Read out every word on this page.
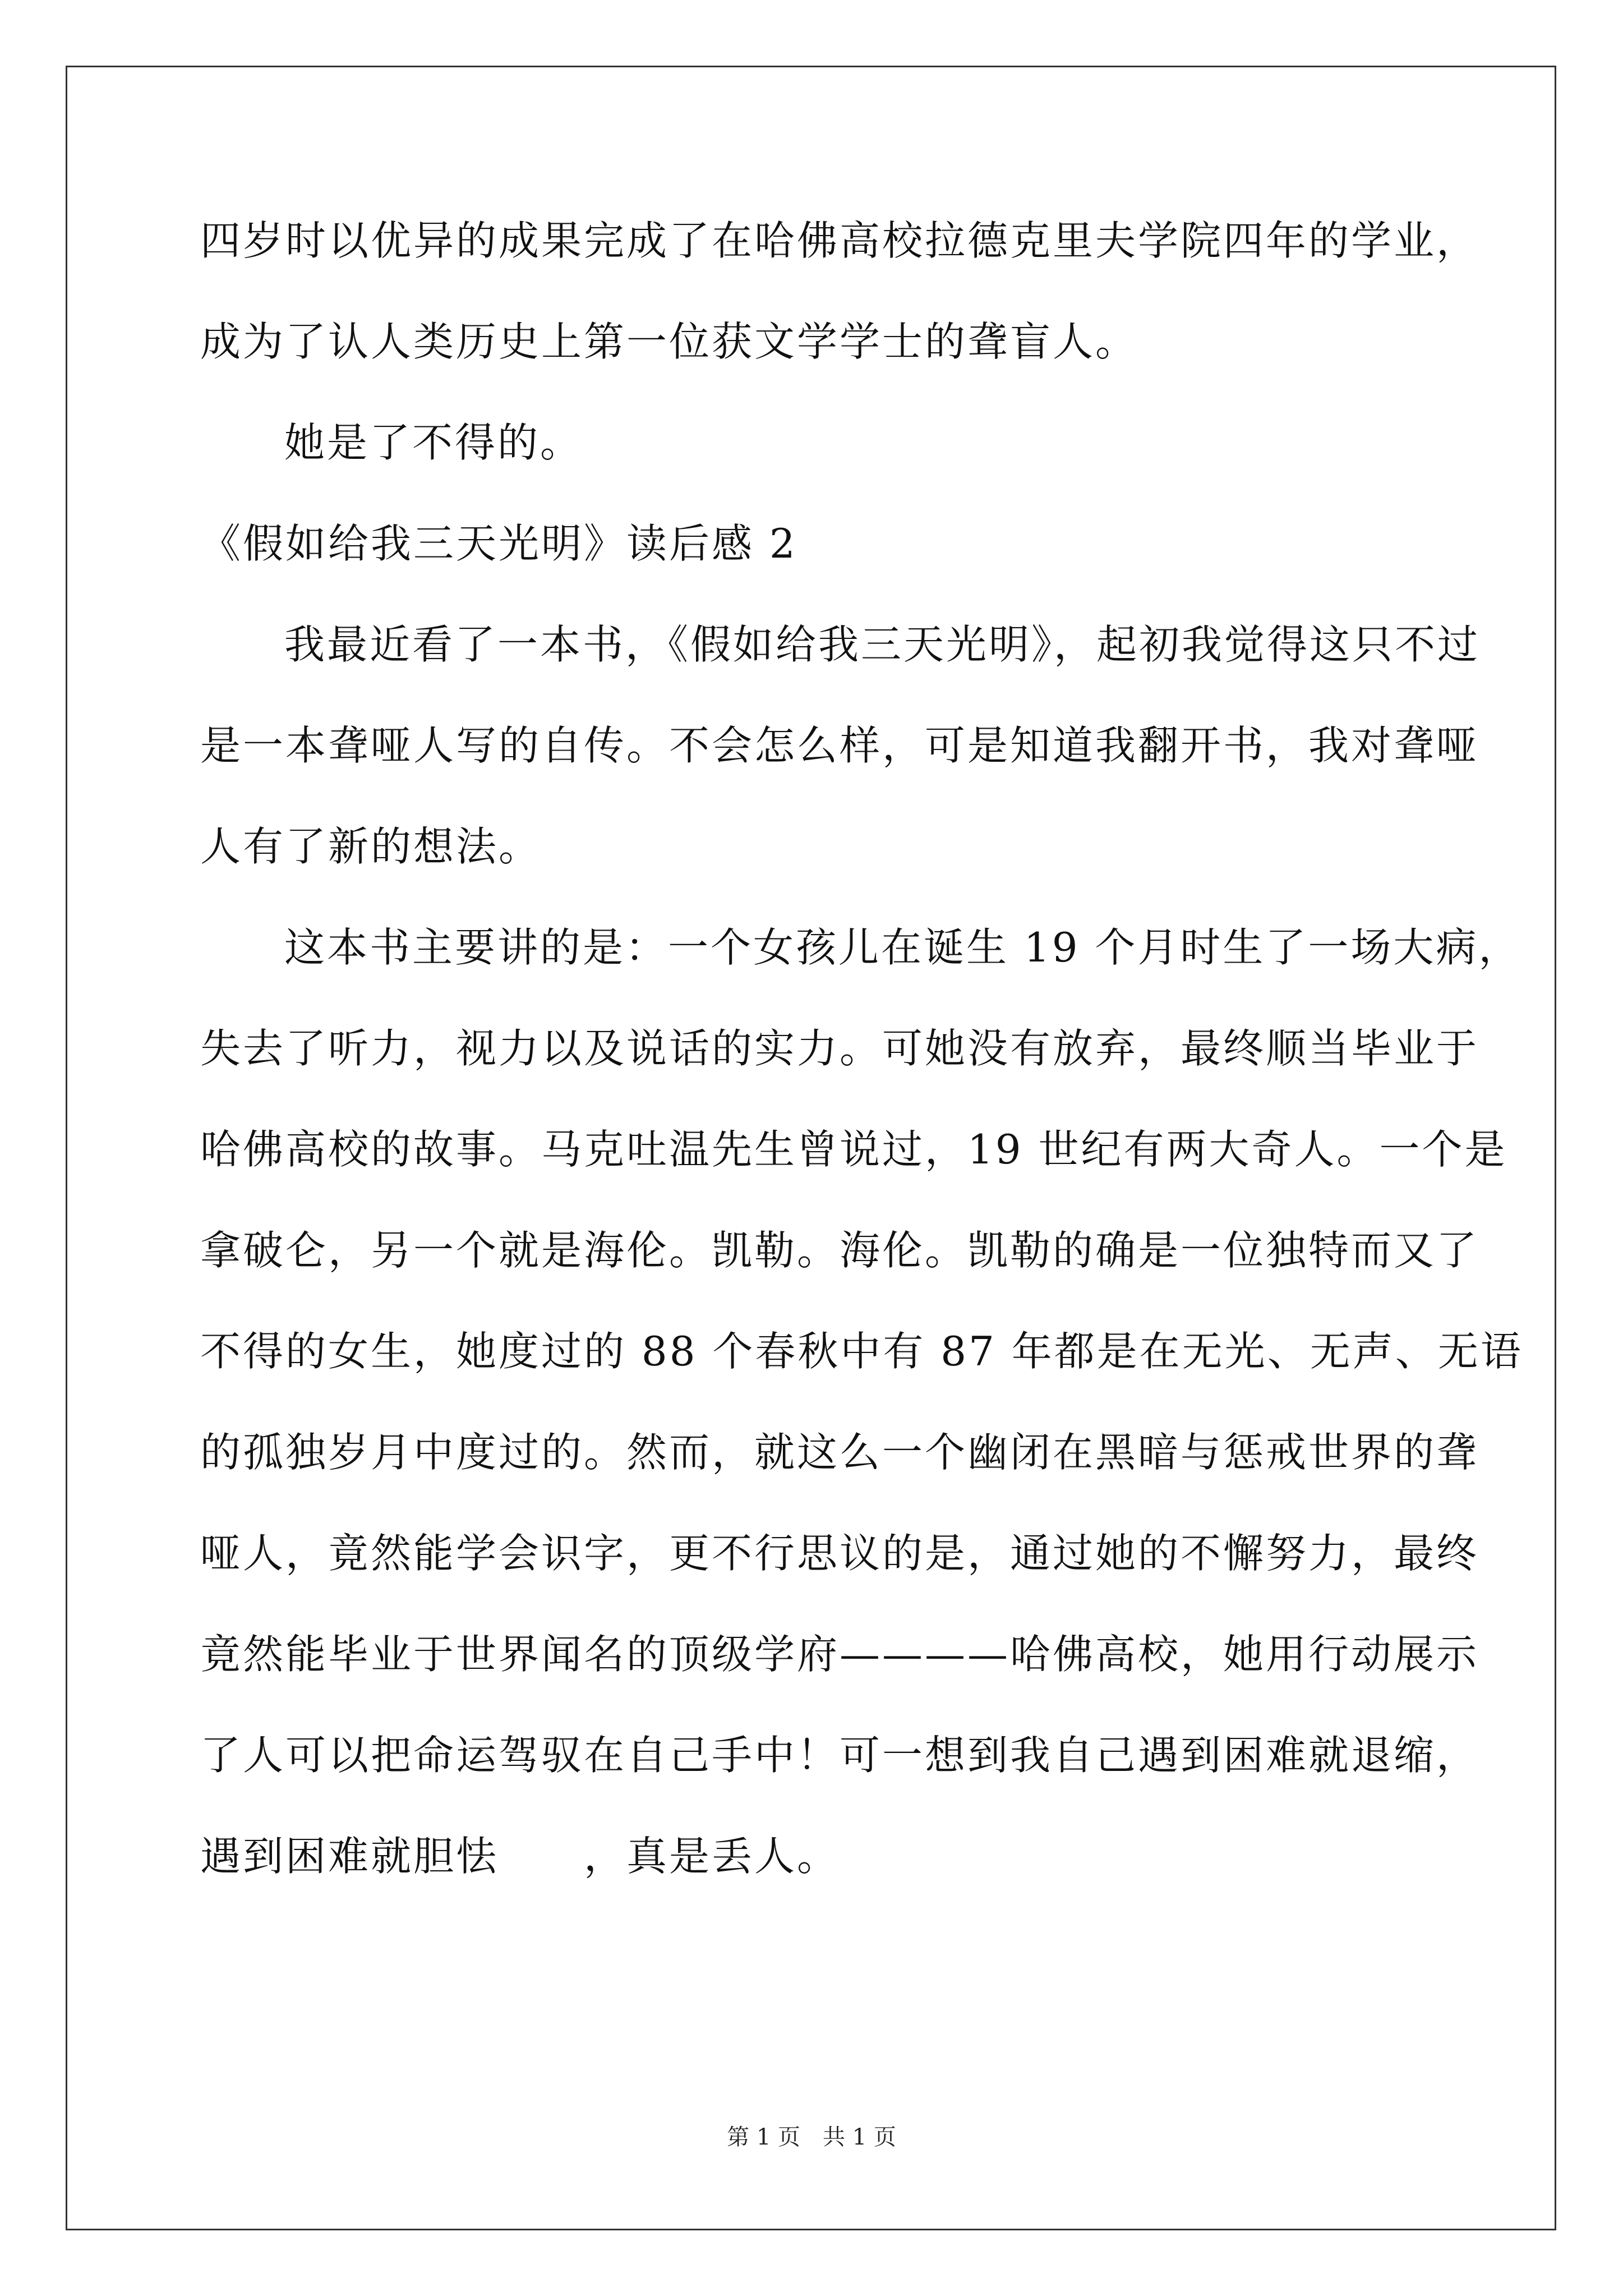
四岁时以优异的成果完成了在哈佛高校拉德克里夫学院四年的学业，
成为了认人类历史上第一位获文学学士的聋盲人。
她是了不得的。
《假如给我三天光明》读后感 2
我最近看了一本书，《假如给我三天光明》，起初我觉得这只不过
是一本聋哑人写的自传。不会怎么样，可是知道我翻开书，我对聋哑
人有了新的想法。
这本书主要讲的是：一个女孩儿在诞生 19 个月时生了一场大病，
失去了听力，视力以及说话的实力。可她没有放弃，最终顺当毕业于
哈佛高校的故事。马克吐温先生曾说过，19 世纪有两大奇人。一个是
拿破仑，另一个就是海伦。凯勒。海伦。凯勒的确是一位独特而又了
不得的女生，她度过的 88 个春秋中有 87 年都是在无光、无声、无语
的孤独岁月中度过的。然而，就这么一个幽闭在黑暗与惩戒世界的聋
哑人，竟然能学会识字，更不行思议的是，通过她的不懈努力，最终
竟然能毕业于世界闻名的顶级学府————哈佛高校，她用行动展示
了人可以把命运驾驭在自己手中！可一想到我自己遇到困难就退缩，
遇到困难就胆怯　　，真是丢人。
第 1 页　共 1 页
